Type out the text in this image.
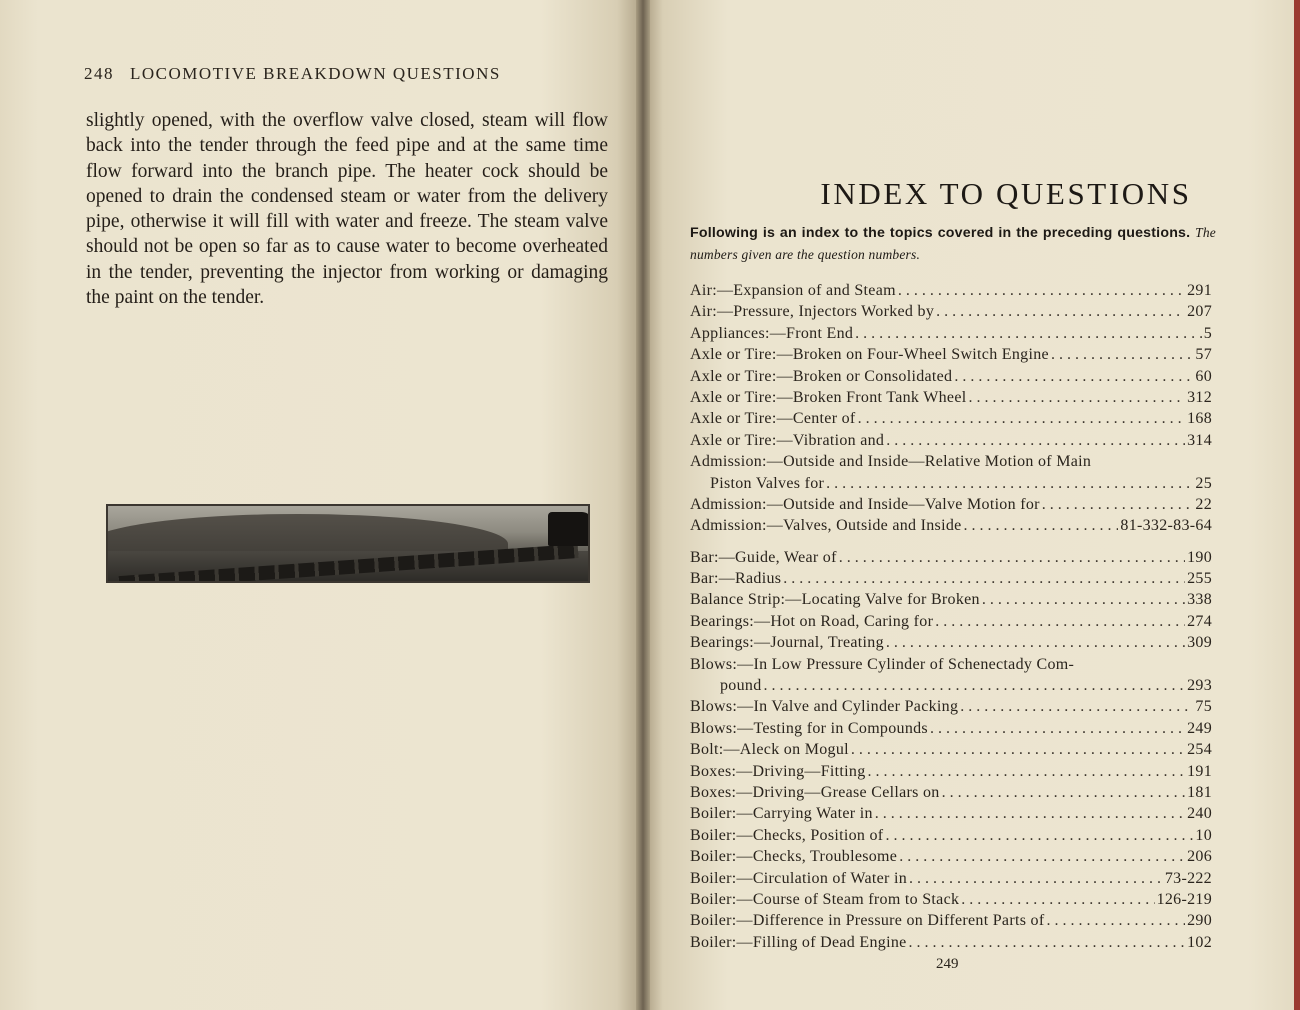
248 LOCOMOTIVE BREAKDOWN QUESTIONS
slightly opened, with the overflow valve closed, steam will flow back into the tender through the feed pipe and at the same time flow forward into the branch pipe. The heater cock should be opened to drain the condensed steam or water from the delivery pipe, otherwise it will fill with water and freeze. The steam valve should not be open so far as to cause water to become overheated in the tender, preventing the injector from working or damaging the paint on the tender.
INDEX TO QUESTIONS
Following is an index to the topics covered in the preceding questions. The numbers given are the question numbers.
Air:—Expansion of and Steam . . .	291
Air:—Pressure, Injectors Worked by . . .	207
Appliances:—Front End . . .	5
Axle or Tire:—Broken on Four-Wheel Switch Engine . . .	57
Axle or Tire:—Broken or Consolidated . . .	60
Axle or Tire:—Broken Front Tank Wheel . . .	312
Axle or Tire:—Center of . . .	168
Axle or Tire:—Vibration and . . .	314
Admission:—Outside and Inside—Relative Motion of Main
Piston Valves for . . .	25
Admission:—Outside and Inside—Valve Motion for . . .	22
Admission:—Valves, Outside and Inside . . .	81-332-83-64
Bar:—Guide, Wear of . . .	190
Bar:—Radius . . .	255
Balance Strip:—Locating Valve for Broken . . .	338
Bearings:—Hot on Road, Caring for . . .	274
Bearings:—Journal, Treating . . .	309
Blows:—In Low Pressure Cylinder of Schenectady Com-
pound . . .	293
Blows:—In Valve and Cylinder Packing . . .	75
Blows:—Testing for in Compounds . . .	249
Bolt:—Aleck on Mogul . . .	254
Boxes:—Driving—Fitting . . .	191
Boxes:—Driving—Grease Cellars on . . .	181
Boiler:—Carrying Water in . . .	240
Boiler:—Checks, Position of . . .	10
Boiler:—Checks, Troublesome . . .	206
Boiler:—Circulation of Water in . . .	73-222
Boiler:—Course of Steam from to Stack . . .	126-219
Boiler:—Difference in Pressure on Different Parts of . . .	290
Boiler:—Filling of Dead Engine . . .	102
249
